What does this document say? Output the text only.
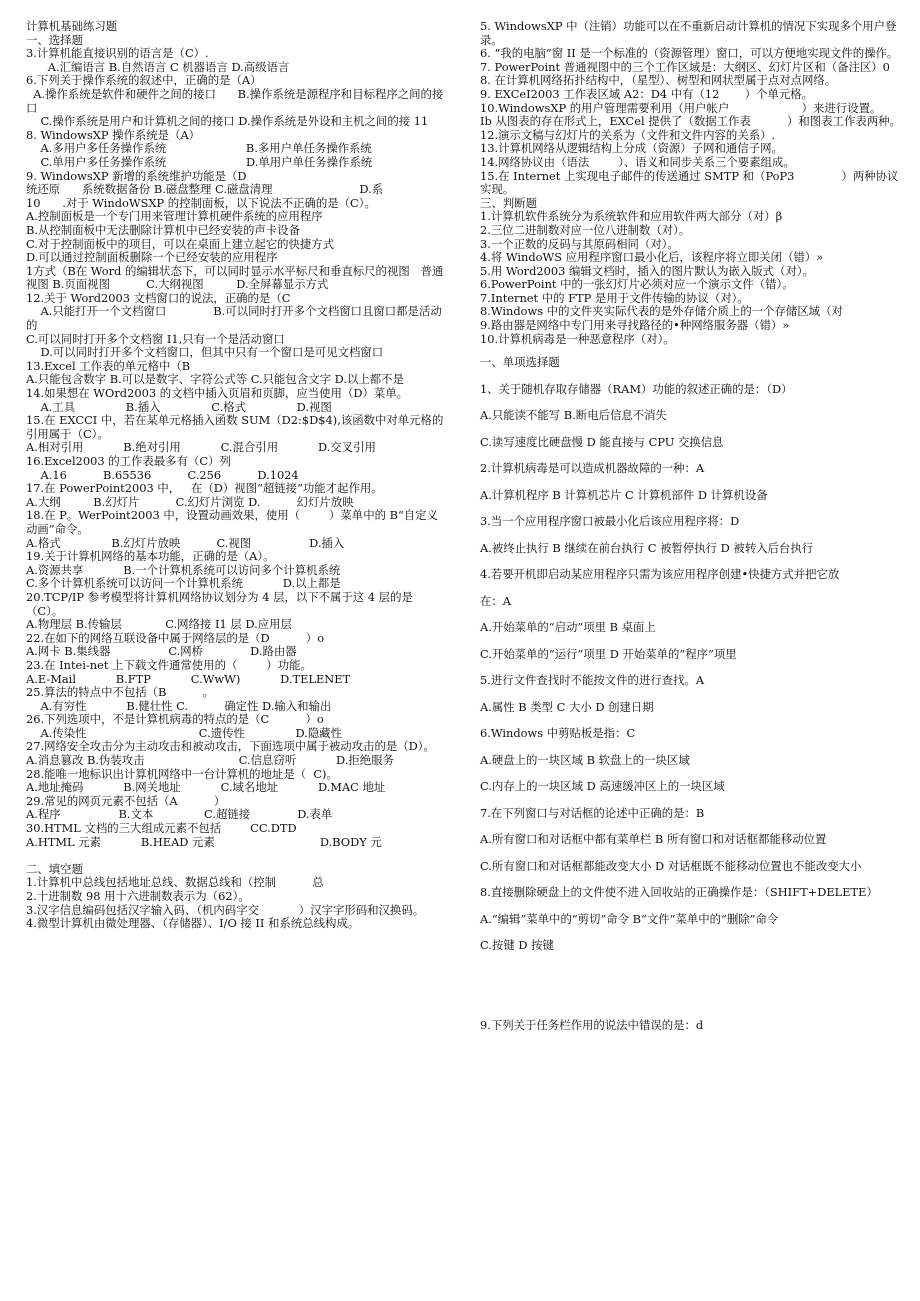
计算机基础练习题

一、选择题

3.计算机能直接识别的语言是（C）.

A.汇编语言 B.自然语言 C 机器语言 D.高级语言

6.下列关于操作系统的叙述中，正确的是（A）

A.操作系统是软件和硬件之间的接口      B.操作系统是源程序和目标程序之间的接口

C.操作系统是用户和计算机之间的接口 D.操作系统是外设和主机之间的接 11

8. WindowsXP 操作系统是（A）

A.多用户多任务操作系统                      B.多用户单任务操作系统

C.单用户多任务操作系统                      D.单用户单任务操作系统

9. WindowsXP 新增的系统维护功能是（D

统还原      系统数据备份 B.磁盘整理 C.磁盘清理                        D.系

10      .对于 WindoWSXP 的控制面板，以下说法不正确的是（C）。

A.控制面板是一个专门用来管理计算机硬件系统的应用程序

B.从控制面板中无法删除计算机中已经安装的声卡设备

C.对于控制面板中的项目，可以在桌面上建立起它的快捷方式

D.可以通过控制面板删除一个已经安装的应用程序

1方式（B在 Word 的编辑状态下，可以同时显示水平标尺和垂直标尺的视图   普通视图 B.页面视图          C.大纲视图         D.全屏幕显示方式

12.关于 Word2003 文档窗口的说法，正确的是（C

A.只能打开一个文档窗口             B.可以同时打开多个文档窗口且窗口都是活动的

C.可以同时打开多个文档窗 I1,只有一个是活动窗口

D.可以同时打开多个文档窗口，但其中只有一个窗口是可见文档窗口

13.Excel 工作表的单元格中（B

A.只能包含数字 B.可以是数字、字符公式等 C.只能包含文字 D.以上都不是

14.如果想在 WOrd2003 的文档中插入页眉和页脚，应当使用（D）菜单。

A.工具              B.插入              C.格式              D.视图

15.在 EXCCI 中，若在某单元格插入函数 SUM（D2:$D$4),该函数中对单元格的引用属于（C）。

A.相对引用           B.绝对引用           C.混合引用           D.交叉引用

16.Excel2003 的工作表最多有（C）列

A.16          B.65536          C.256          D.1024

17.在 PowerPoint2003 中，   在（D）视图“超链接”功能才起作用。

A.大纲         B.幻灯片          C.幻灯片浏览 D.          幻灯片放映

18.在 P。WerPoint2003 中，设置动画效果，使用（        ）菜单中的 B“自定义动画”命令。

A.格式              B.幻灯片放映          C.视图                D.插入

19.关于计算机网络的基本功能，正确的是（A）。

A.资源共享           B.一个计算机系统可以访问多个计算机系统

C.多个计算机系统可以访问一个计算机系统           D.以上都是

20.TCP/IP 参考模型将计算机网络协议划分为 4 层，以下不属于这 4 层的是（C）。

A.物理层 B.传输层            C.网络接 I1 层 D.应用层

22.在如下的网络互联设备中属于网络层的是（D          ）o

A.网卡 B.集线器                C.网桥             D.路由器

23.在 Intei-net 上下载文件通常使用的（        ）功能。

A.E-Mail           B.FTP           C.WwW)           D.TELENET

25.算法的特点中不包括（B          。

A.有穷性           B.健壮性 C.          确定性 D.输入和输出

26.下列选项中，不是计算机病毒的特点的是（C          ）o

A.传染性                               C.遗传性              D.隐藏性

27.网络安全攻击分为主动攻击和被动攻击，下面选项中属于被动攻击的是（D）。

A.消息篡改 B.伪装攻击                          C.信息窃听           D.拒绝服务

28.能唯一地标识出计算机网络中一台计算机的地址是（  C)。

A.地址掩码           B.网关地址           C.域名地址           D.MAC 地址

29.常见的网页元素不包括（A          ）

A.程序                B.文本              C.超链接             D.表单

30.HTML 文档的三大组成元素不包括        CC.DTD

A.HTML 元素           B.HEAD 元素                             D.BODY 元

二、填空题

1.计算机中总线包括地址总线、数据总线和（控制          总

2.十进制数 98 用十六进制数表示为（62）。

3.汉字信息编码包括汉字输入码、（机内码字交           ）汉字字形码和汉换码。

4.微型计算机由微处理器、（存储器）、I/O 接 II 和系统总线构成。

5. WindowsXP 中（注销）功能可以在不重新启动计算机的情况下实现多个用户登录。

6. “我的电脑”窗 II 是一个标准的（资源管理）窗口，可以方便地实现文件的操作。

7. PowerPoint 普通视图中的三个工作区域是：大纲区、幻灯片区和（备注区）0

8. 在计算机网络拓扑结构中，（星型）、树型和网状型属于点对点网络。

9. EXCeI2003 工作表区域 A2：D4 中有（12       ）个单元格。

10.WindowsXP 的用户管理需要利用（用户帐户                    ）来进行设置。

Ib 从图表的存在形式上，EXCel 提供了（数据工作表          ）和图表工作表两种。

12.演示文稿与幻灯片的关系为（文件和文件内容的关系）.

13.计算机网络从逻辑结构上分成（资源）子网和通信子网。

14.网络协议由（语法        ）、语义和同步关系三个要素组成。

15.在 Internet 上实现电子邮件的传送通过 SMTP 和（PoP3             ）两种协议实现。

三、判断题

1.计算机软件系统分为系统软件和应用软件两大部分（对）β

2.三位二进制数对应一位八进制数（对）。

3.一个正数的反码与其原码相同（对）。

4.将 WindoWS 应用程序窗口最小化后，该程序将立即关闭（错）»

5.用 Word2003 编辑文档时，插入的图片默认为嵌入版式（对）。

6.PowerPoint 中的一张幻灯片必须对应一个演示文件（错）。

7.Internet 中的 FTP 是用于文件传输的协议（对）。

8.Windows 中的文件夹实际代表的是外存储介质上的一个存储区域（对

9.路由器是网络中专门用来寻找路径的•种网络服务器（错）»

10.计算机病毒是一种恶意程序（对）。

一、单项选择题

1、关于随机存取存储器（RAM）功能的叙述正确的是：（D）

A.只能读不能写 B.断电后信息不消失

C.读写速度比硬盘慢 D 能直接与 CPU 交换信息

2.计算机病毒是可以造成机器故障的一种：A

A.计算机程序 B 计算机芯片 C 计算机部件 D 计算机设备

3.当一个应用程序窗口被最小化后该应用程序将：D

A.被终止执行 B 继续在前台执行 C 被暂停执行 D 被转入后台执行

4.若要开机即启动某应用程序只需为该应用程序创建•快捷方式并把它放

在：A

A.开始菜单的“启动”项里 B 桌面上

C.开始菜单的“运行”项里 D 开始菜单的“程序”项里

5.进行文件查找时不能按文件的进行查找。A

A.属性 B 类型 C 大小 D 创建日期

6.Windows 中剪贴板是指：C

A.硬盘上的一块区域 B 软盘上的一块区域

C.内存上的一块区域 D 高速缓冲区上的一块区域

7.在下列窗口与对话框的论述中正确的是：B

A.所有窗口和对话框中都有菜单栏 B 所有窗口和对话框都能移动位置

C.所有窗口和对话框都能改变大小 D 对话框既不能移动位置也不能改变大小

8.直接删除硬盘上的文件使不进入回收站的正确操作是：（SHIFT+DELETE）

A.“编辑”菜单中的“剪切”命令 B“文件”菜单中的“删除”命令

C.按键 D 按键

9.下列关于任务栏作用的说法中错误的是：d
